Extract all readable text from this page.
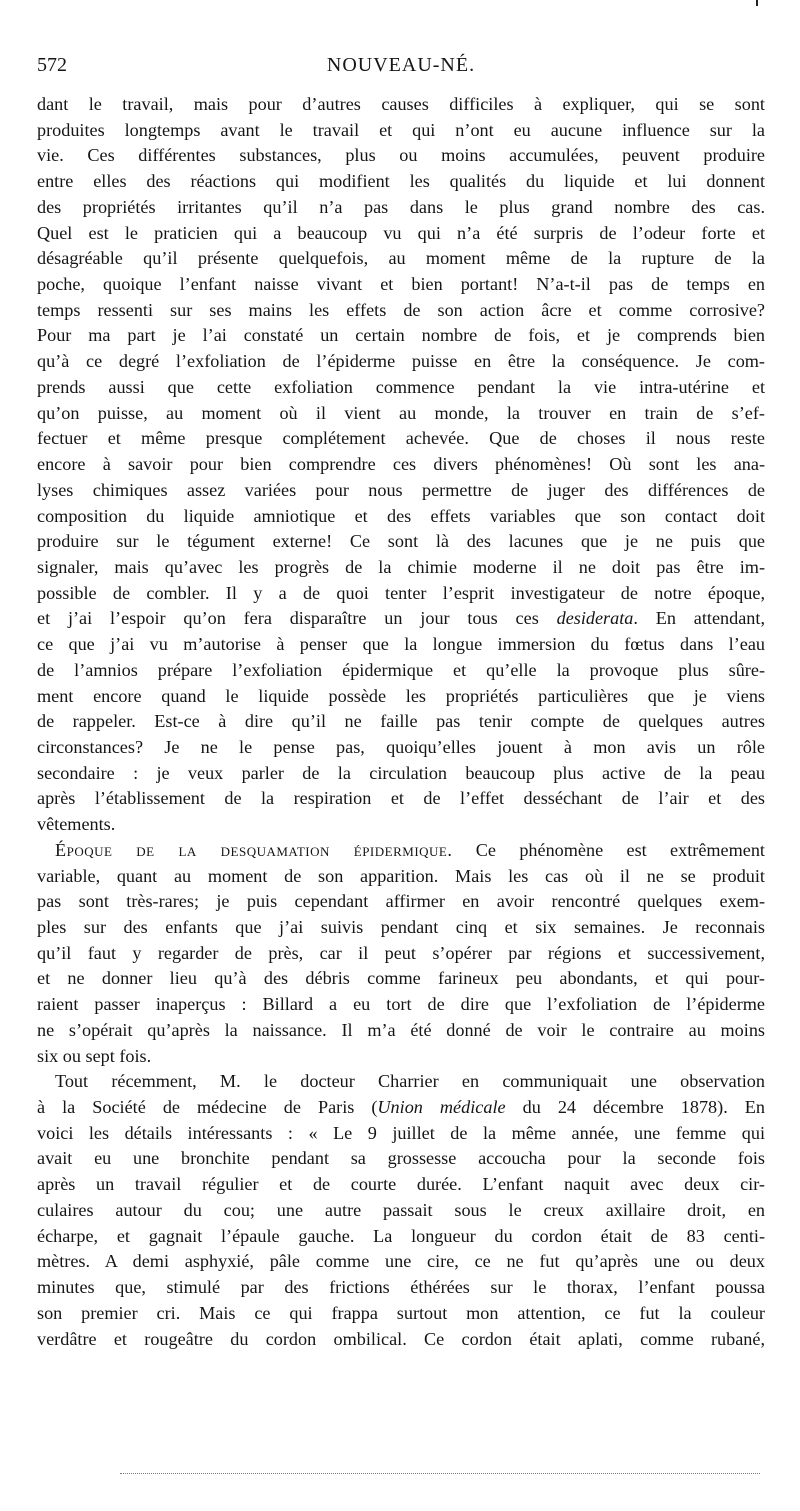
572	NOUVEAU-NÉ.
dant le travail, mais pour d’autres causes difficiles à expliquer, qui se sont
produites longtemps avant le travail et qui n’ont eu aucune influence sur la
vie. Ces différentes substances, plus ou moins accumulées, peuvent produire
entre elles des réactions qui modifient les qualités du liquide et lui donnent
des propriétés irritantes qu’il n’a pas dans le plus grand nombre des cas.
Quel est le praticien qui a beaucoup vu qui n’a été surpris de l’odeur forte et
désagréable qu’il présente quelquefois, au moment même de la rupture de la
poche, quoique l’enfant naisse vivant et bien portant! N’a-t-il pas de temps en
temps ressenti sur ses mains les effets de son action âcre et comme corrosive?
Pour ma part je l’ai constaté un certain nombre de fois, et je comprends bien
qu’à ce degré l’exfoliation de l’épiderme puisse en être la conséquence. Je com-
prends aussi que cette exfoliation commence pendant la vie intra-utérine et
qu’on puisse, au moment où il vient au monde, la trouver en train de s’ef-
fectuer et même presque complétement achevée. Que de choses il nous reste
encore à savoir pour bien comprendre ces divers phénomènes! Où sont les ana-
lyses chimiques assez variées pour nous permettre de juger des différences de
composition du liquide amniotique et des effets variables que son contact doit
produire sur le tégument externe! Ce sont là des lacunes que je ne puis que
signaler, mais qu’avec les progrès de la chimie moderne il ne doit pas être im-
possible de combler. Il y a de quoi tenter l’esprit investigateur de notre époque,
et j’ai l’espoir qu’on fera disparaître un jour tous ces desiderata. En attendant,
ce que j’ai vu m’autorise à penser que la longue immersion du fœtus dans l’eau
de l’amnios prépare l’exfoliation épidermique et qu’elle la provoque plus sûre-
ment encore quand le liquide possède les propriétés particulières que je viens
de rappeler. Est-ce à dire qu’il ne faille pas tenir compte de quelques autres
circonstances? Je ne le pense pas, quoiqu’elles jouent à mon avis un rôle
secondaire : je veux parler de la circulation beaucoup plus active de la peau
après l’établissement de la respiration et de l’effet desséchant de l’air et des
vêtements.
Époque de la desquamation épidermique. Ce phénomène est extrêmement
variable, quant au moment de son apparition. Mais les cas où il ne se produit
pas sont très-rares; je puis cependant affirmer en avoir rencontré quelques exem-
ples sur des enfants que j’ai suivis pendant cinq et six semaines. Je reconnais
qu’il faut y regarder de près, car il peut s’opérer par régions et successivement,
et ne donner lieu qu’à des débris comme farineux peu abondants, et qui pour-
raient passer inaperçus : Billard a eu tort de dire que l’exfoliation de l’épiderme
ne s’opérait qu’après la naissance. Il m’a été donné de voir le contraire au moins
six ou sept fois.
Tout récemment, M. le docteur Charrier en communiquait une observation
à la Société de médecine de Paris (Union médicale du 24 décembre 1878). En
voici les détails intéressants : « Le 9 juillet de la même année, une femme qui
avait eu une bronchite pendant sa grossesse accoucha pour la seconde fois
après un travail régulier et de courte durée. L’enfant naquit avec deux cir-
culaires autour du cou; une autre passait sous le creux axillaire droit, en
écharpe, et gagnait l’épaule gauche. La longueur du cordon était de 83 centi-
mètres. A demi asphyxié, pâle comme une cire, ce ne fut qu’après une ou deux
minutes que, stimulé par des frictions éthérées sur le thorax, l’enfant poussa
son premier cri. Mais ce qui frappa surtout mon attention, ce fut la couleur
verdâtre et rougeâtre du cordon ombilical. Ce cordon était aplati, comme rubané,
